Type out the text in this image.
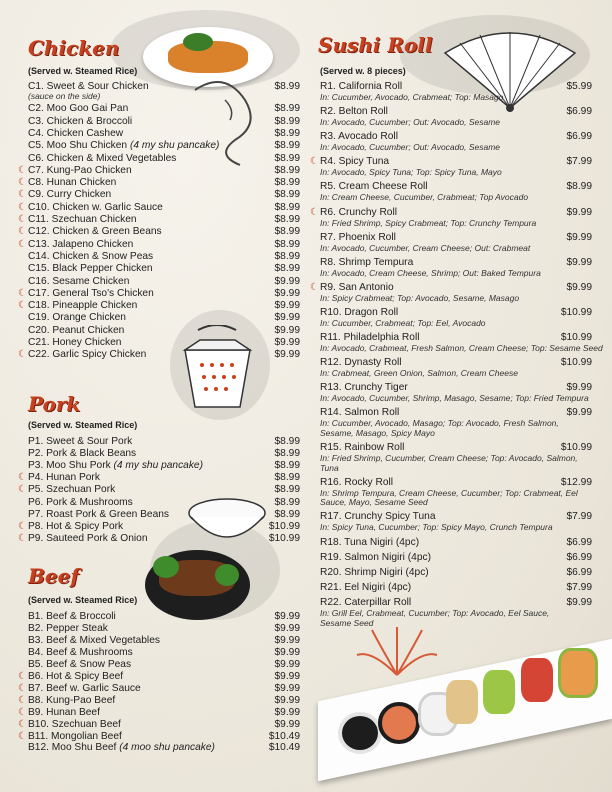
Chicken
(Served w. Steamed Rice)
Pork
(Served w. Steamed Rice)
Beef
(Served w. Steamed Rice)
Sushi Roll
(Served w. 8 pieces)
C1. Sweet & Sour Chicken	$8.99
(sauce on the side)
C2. Moo Goo Gai Pan	$8.99
C3. Chicken & Broccoli	$8.99
C4. Chicken Cashew	$8.99
C5. Moo Shu Chicken (4 my shu pancake)	$8.99
C6. Chicken & Mixed Vegetables	$8.99
☾ C7. Kung-Pao Chicken	$8.99
☾ C8. Hunan Chicken	$8.99
☾ C9. Curry Chicken	$8.99
☾ C10. Chicken w. Garlic Sauce	$8.99
☾ C11. Szechuan Chicken	$8.99
☾ C12. Chicken & Green Beans	$8.99
☾ C13. Jalapeno Chicken	$8.99
C14. Chicken & Snow Peas	$8.99
C15. Black Pepper Chicken	$8.99
C16. Sesame Chicken	$9.99
☾ C17. General Tso's Chicken	$9.99
☾ C18. Pineapple Chicken	$9.99
C19. Orange Chicken	$9.99
C20. Peanut Chicken	$9.99
C21. Honey Chicken	$9.99
☾ C22. Garlic Spicy Chicken	$9.99
P1. Sweet & Sour Pork	$8.99
P2. Pork & Black Beans	$8.99
P3. Moo Shu Pork (4 my shu pancake)	$8.99
☾ P4. Hunan Pork	$8.99
☾ P5. Szechuan Pork	$8.99
P6. Pork & Mushrooms	$8.99
P7. Roast Pork & Green Beans	$8.99
☾ P8. Hot & Spicy Pork	$10.99
☾ P9. Sauteed Pork & Onion	$10.99
B1. Beef & Broccoli	$9.99
B2. Pepper Steak	$9.99
B3. Beef & Mixed Vegetables	$9.99
B4. Beef & Mushrooms	$9.99
B5. Beef & Snow Peas	$9.99
☾ B6. Hot & Spicy Beef	$9.99
☾ B7. Beef w. Garlic Sauce	$9.99
☾ B8. Kung-Pao Beef	$9.99
☾ B9. Hunan Beef	$9.99
☾ B10. Szechuan Beef	$9.99
☾ B11. Mongolian Beef	$10.49
B12. Moo Shu Beef (4 moo shu pancake)	$10.49
R1. California Roll	$5.99
In: Cucumber, Avocado, Crabmeat; Top: Masago
R2. Belton Roll	$6.99
In: Avocado, Cucumber; Out: Avocado, Sesame
R3. Avocado Roll	$6.99
In: Avocado, Cucumber; Out: Avocado, Sesame
☾ R4. Spicy Tuna	$7.99
In: Avocado, Spicy Tuna; Top: Spicy Tuna, Mayo
R5. Cream Cheese Roll	$8.99
In: Cream Cheese, Cucumber, Crabmeat; Top Avocado
☾ R6. Crunchy Roll	$9.99
In: Fried Shrimp, Spicy Crabmeat; Top: Crunchy Tempura
R7. Phoenix Roll	$9.99
In: Avocado, Cucumber, Cream Cheese; Out: Crabmeat
R8. Shrimp Tempura	$9.99
In: Avocado, Cream Cheese, Shrimp; Out: Baked Tempura
☾ R9. San Antonio	$9.99
In: Spicy Crabmeat; Top: Avocado, Sesame, Masago
R10. Dragon Roll	$10.99
In: Cucumber, Crabmeat; Top: Eel, Avocado
R11. Philadelphia Roll	$10.99
In: Avocado, Crabmeat, Fresh Salmon, Cream Cheese; Top: Sesame Seed
R12. Dynasty Roll	$10.99
In: Crabmeat, Green Onion, Salmon, Cream Cheese
R13. Crunchy Tiger	$9.99
In: Avocado, Cucumber, Shrimp, Masago, Sesame; Top: Fried Tempura
R14. Salmon Roll	$9.99
In: Cucumber, Avocado, Masago; Top: Avocado, Fresh Salmon,
Sesame, Masago, Spicy Mayo
R15. Rainbow Roll	$10.99
In: Fried Shrimp, Cucumber, Cream Cheese; Top: Avocado, Salmon,
Tuna
R16. Rocky Roll	$12.99
In: Shrimp Tempura, Cream Cheese, Cucumber; Top: Crabmeat, Eel
Sauce, Mayo, Sesame Seed
R17. Crunchy Spicy Tuna	$7.99
In: Spicy Tuna, Cucumber; Top: Spicy Mayo, Crunch Tempura
R18. Tuna Nigiri (4pc)	$6.99
R19. Salmon Nigiri (4pc)	$6.99
R20. Shrimp Nigiri (4pc)	$6.99
R21. Eel Nigiri (4pc)	$7.99
R22. Caterpillar Roll	$9.99
In: Grill Eel, Crabmeat, Cucumber; Top: Avocado, Eel Sauce,
Sesame Seed
